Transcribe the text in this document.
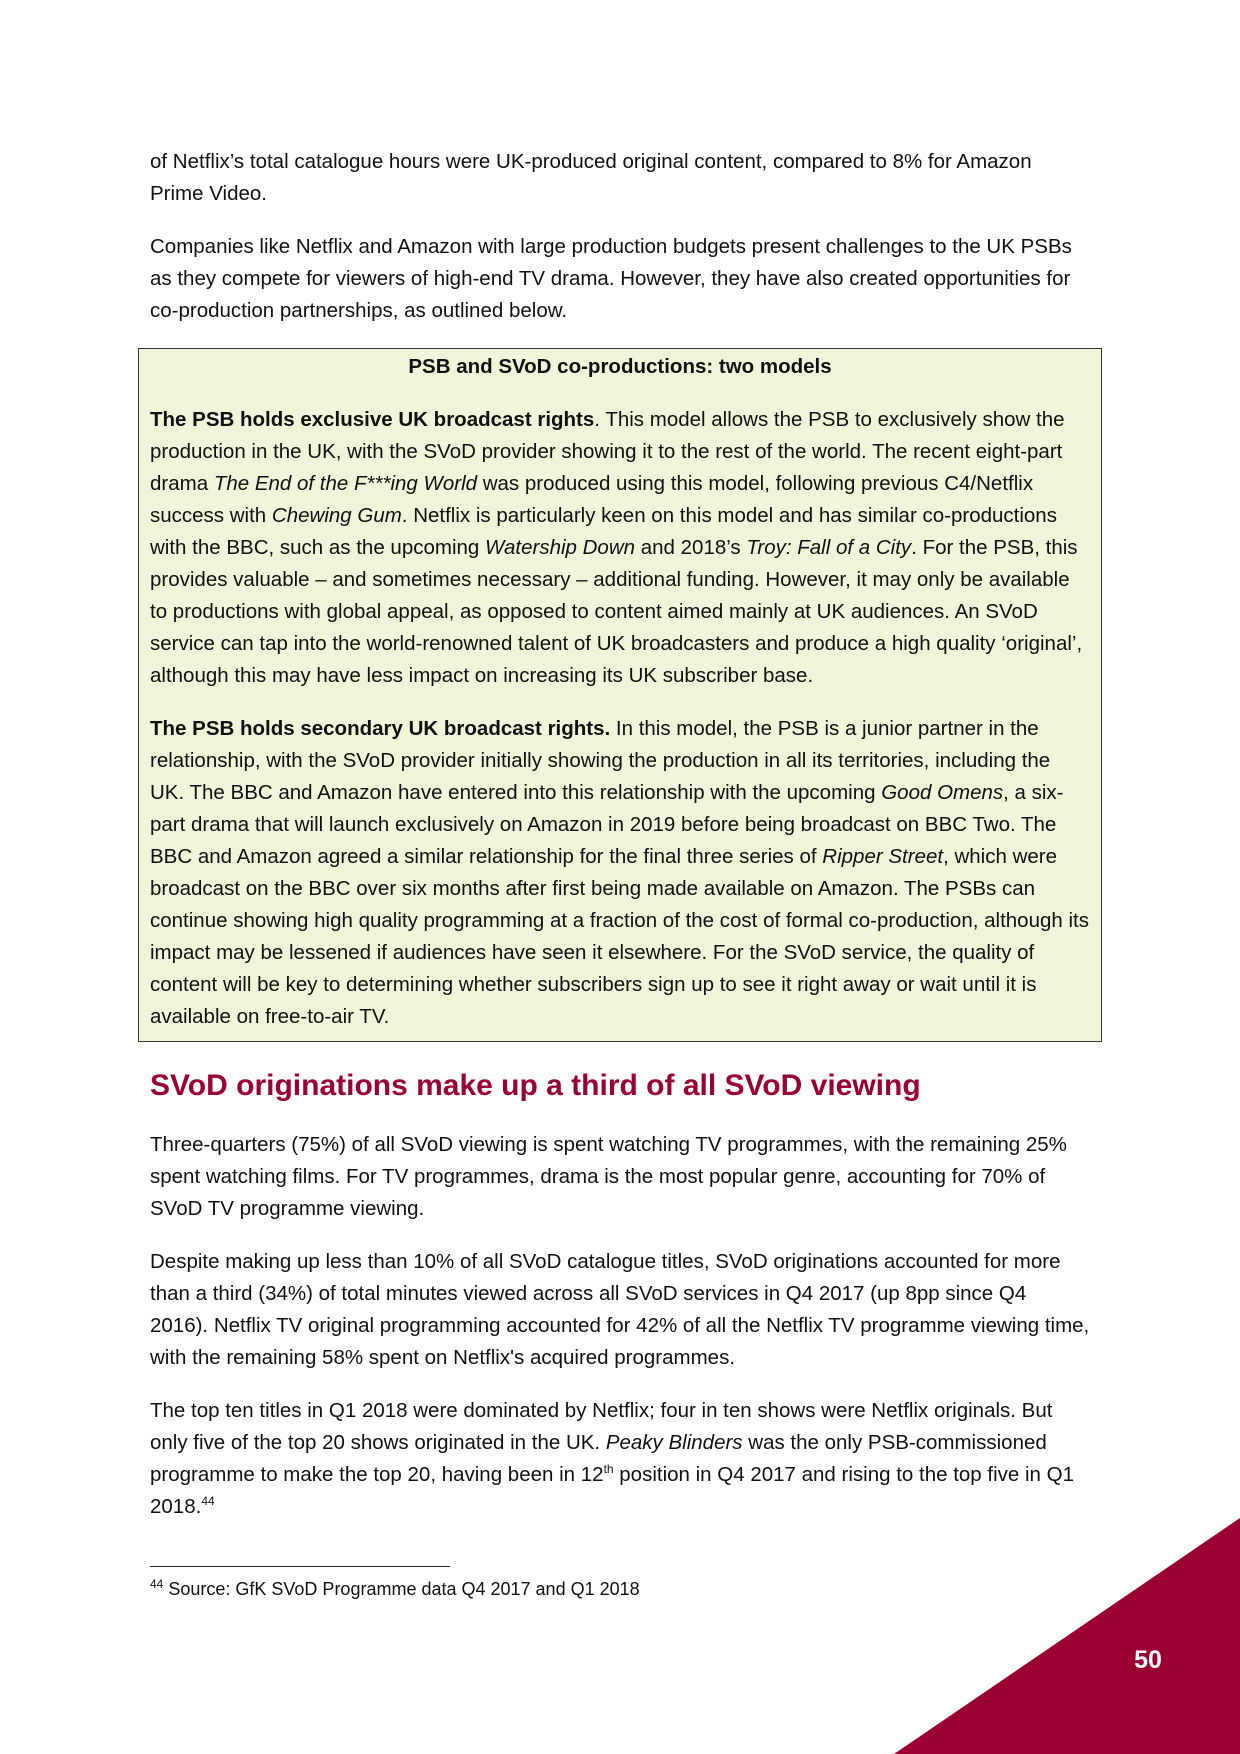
of Netflix’s total catalogue hours were UK-produced original content, compared to 8% for Amazon Prime Video.

Companies like Netflix and Amazon with large production budgets present challenges to the UK PSBs as they compete for viewers of high-end TV drama. However, they have also created opportunities for co-production partnerships, as outlined below.

PSB and SVoD co-productions: two models

The PSB holds exclusive UK broadcast rights. This model allows the PSB to exclusively show the production in the UK, with the SVoD provider showing it to the rest of the world. The recent eight-part drama The End of the F***ing World was produced using this model, following previous C4/Netflix success with Chewing Gum. Netflix is particularly keen on this model and has similar co-productions with the BBC, such as the upcoming Watership Down and 2018’s Troy: Fall of a City. For the PSB, this provides valuable – and sometimes necessary – additional funding. However, it may only be available to productions with global appeal, as opposed to content aimed mainly at UK audiences. An SVoD service can tap into the world-renowned talent of UK broadcasters and produce a high quality ‘original’, although this may have less impact on increasing its UK subscriber base.

The PSB holds secondary UK broadcast rights. In this model, the PSB is a junior partner in the relationship, with the SVoD provider initially showing the production in all its territories, including the UK. The BBC and Amazon have entered into this relationship with the upcoming Good Omens, a six-part drama that will launch exclusively on Amazon in 2019 before being broadcast on BBC Two. The BBC and Amazon agreed a similar relationship for the final three series of Ripper Street, which were broadcast on the BBC over six months after first being made available on Amazon. The PSBs can continue showing high quality programming at a fraction of the cost of formal co-production, although its impact may be lessened if audiences have seen it elsewhere. For the SVoD service, the quality of content will be key to determining whether subscribers sign up to see it right away or wait until it is available on free-to-air TV.

SVoD originations make up a third of all SVoD viewing

Three-quarters (75%) of all SVoD viewing is spent watching TV programmes, with the remaining 25% spent watching films. For TV programmes, drama is the most popular genre, accounting for 70% of SVoD TV programme viewing.

Despite making up less than 10% of all SVoD catalogue titles, SVoD originations accounted for more than a third (34%) of total minutes viewed across all SVoD services in Q4 2017 (up 8pp since Q4 2016). Netflix TV original programming accounted for 42% of all the Netflix TV programme viewing time, with the remaining 58% spent on Netflix's acquired programmes.

The top ten titles in Q1 2018 were dominated by Netflix; four in ten shows were Netflix originals. But only five of the top 20 shows originated in the UK. Peaky Blinders was the only PSB-commissioned programme to make the top 20, having been in 12th position in Q4 2017 and rising to the top five in Q1 2018.44

$^{44}$ Source: GfK SVoD Programme data Q4 2017 and Q1 2018
50
